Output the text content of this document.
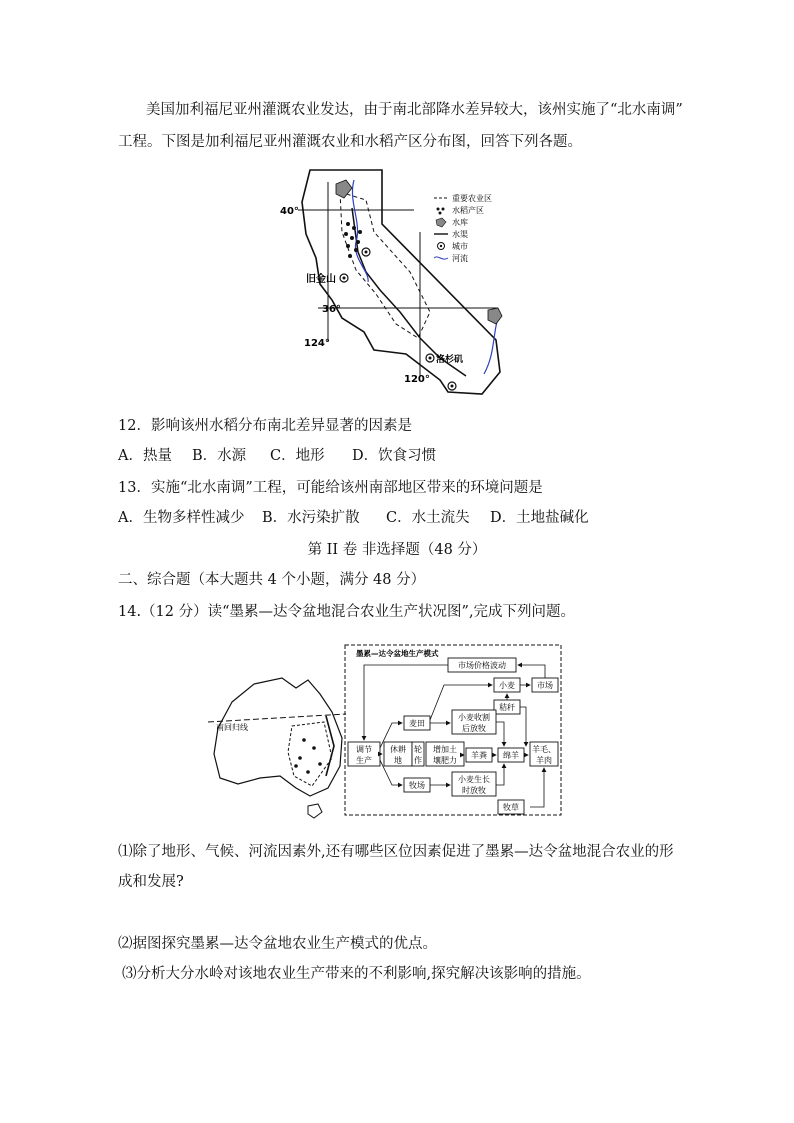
美国加利福尼亚州灌溉农业发达，由于南北部降水差异较大，该州实施了“北水南调”
工程。下图是加利福尼亚州灌溉农业和水稻产区分布图，回答下列各题。
40°
36°
124°
120°
旧金山
洛杉矶
重要农业区
水稻产区
水库
水渠
城市
河流
12．影响该州水稻分布南北差异显著的因素是
A．热量 B．水源 C．地形 D．饮食习惯
13．实施“北水南调”工程，可能给该州南部地区带来的环境问题是
A．生物多样性减少 B．水污染扩散 C．水土流失 D．土地盐碱化
第 II 卷 非选择题（48 分）
二、综合题（本大题共 4 个小题，满分 48 分）
14.（12 分）读“墨累—达令盆地混合农业生产状况图”,完成下列问题。
南回归线
墨累—达令盆地生产模式
市场价格波动
小麦	市场
秸秆
调节
生产
麦田
小麦收割
后放牧
休耕
地
轮
作
增加土
壤肥力
羊粪 绵羊
羊毛、
羊肉
牧场
小麦生长
时放牧
牧草
⑴除了地形、气候、河流因素外,还有哪些区位因素促进了墨累—达令盆地混合农业的形
成和发展?
⑵据图探究墨累—达令盆地农业生产模式的优点。
⑶分析大分水岭对该地农业生产带来的不利影响,探究解决该影响的措施。
